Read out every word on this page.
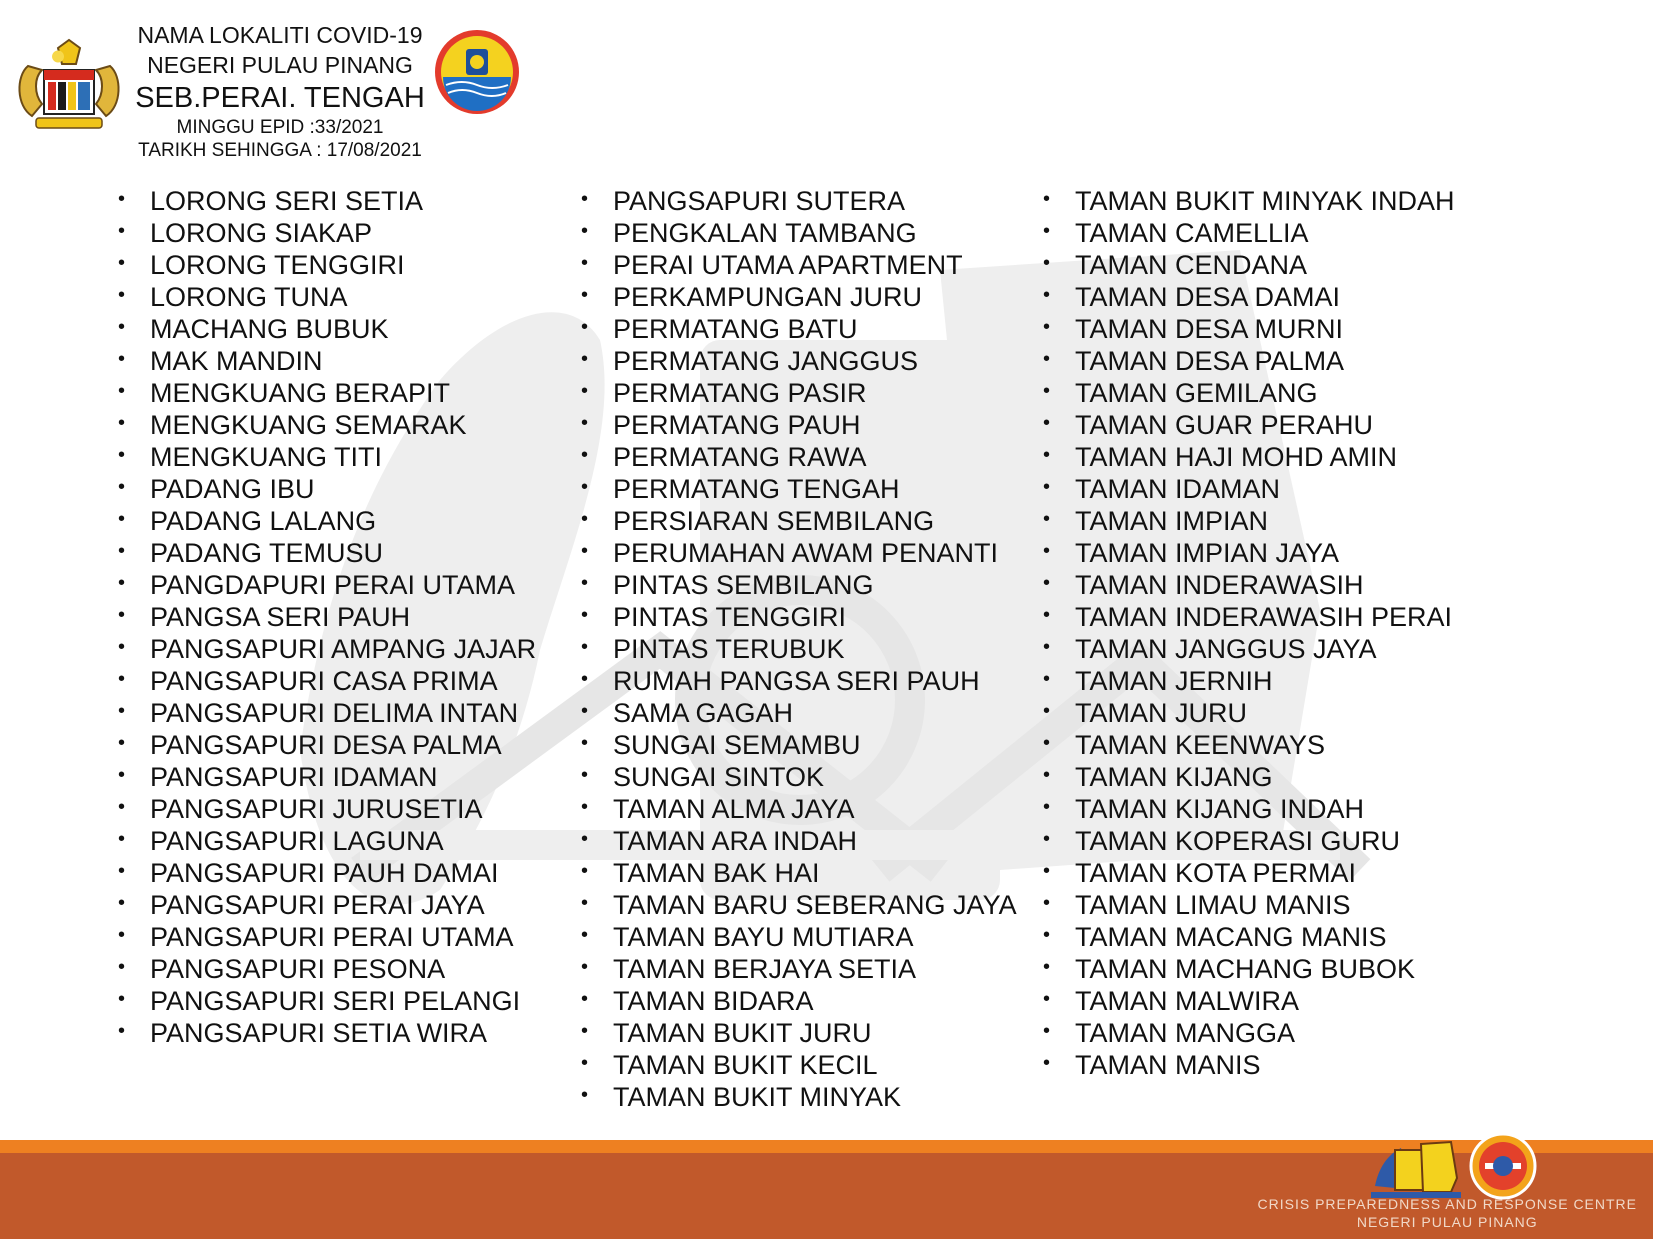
NAMA LOKALITI COVID-19
NEGERI PULAU PINANG
SEB.PERAI. TENGAH
MINGGU EPID :33/2021
TARIKH SEHINGGA : 17/08/2021
• LORONG SERI SETIA
• LORONG SIAKAP
• LORONG TENGGIRI
• LORONG TUNA
• MACHANG BUBUK
• MAK MANDIN
• MENGKUANG BERAPIT
• MENGKUANG SEMARAK
• MENGKUANG TITI
• PADANG IBU
• PADANG LALANG
• PADANG TEMUSU
• PANGDAPURI PERAI UTAMA
• PANGSA SERI PAUH
• PANGSAPURI AMPANG JAJAR
• PANGSAPURI CASA PRIMA
• PANGSAPURI DELIMA INTAN
• PANGSAPURI DESA PALMA
• PANGSAPURI IDAMAN
• PANGSAPURI JURUSETIA
• PANGSAPURI LAGUNA
• PANGSAPURI PAUH DAMAI
• PANGSAPURI PERAI JAYA
• PANGSAPURI PERAI UTAMA
• PANGSAPURI PESONA
• PANGSAPURI SERI PELANGI
• PANGSAPURI SETIA WIRA
• PANGSAPURI SUTERA
• PENGKALAN TAMBANG
• PERAI UTAMA APARTMENT
• PERKAMPUNGAN JURU
• PERMATANG BATU
• PERMATANG JANGGUS
• PERMATANG PASIR
• PERMATANG PAUH
• PERMATANG RAWA
• PERMATANG TENGAH
• PERSIARAN SEMBILANG
• PERUMAHAN AWAM PENANTI
• PINTAS SEMBILANG
• PINTAS TENGGIRI
• PINTAS TERUBUK
• RUMAH PANGSA SERI PAUH
• SAMA GAGAH
• SUNGAI SEMAMBU
• SUNGAI SINTOK
• TAMAN ALMA JAYA
• TAMAN ARA INDAH
• TAMAN BAK HAI
• TAMAN BARU SEBERANG JAYA
• TAMAN BAYU MUTIARA
• TAMAN BERJAYA SETIA
• TAMAN BIDARA
• TAMAN BUKIT JURU
• TAMAN BUKIT KECIL
• TAMAN BUKIT MINYAK
• TAMAN BUKIT MINYAK INDAH
• TAMAN CAMELLIA
• TAMAN CENDANA
• TAMAN DESA DAMAI
• TAMAN DESA MURNI
• TAMAN DESA PALMA
• TAMAN GEMILANG
• TAMAN GUAR PERAHU
• TAMAN HAJI MOHD AMIN
• TAMAN IDAMAN
• TAMAN IMPIAN
• TAMAN IMPIAN JAYA
• TAMAN INDERAWASIH
• TAMAN INDERAWASIH PERAI
• TAMAN JANGGUS JAYA
• TAMAN JERNIH
• TAMAN JURU
• TAMAN KEENWAYS
• TAMAN KIJANG
• TAMAN KIJANG INDAH
• TAMAN KOPERASI GURU
• TAMAN KOTA PERMAI
• TAMAN LIMAU MANIS
• TAMAN MACANG MANIS
• TAMAN MACHANG BUBOK
• TAMAN MALWIRA
• TAMAN MANGGA
• TAMAN MANIS
CRISIS PREPAREDNESS AND RESPONSE CENTRE
NEGERI PULAU PINANG
